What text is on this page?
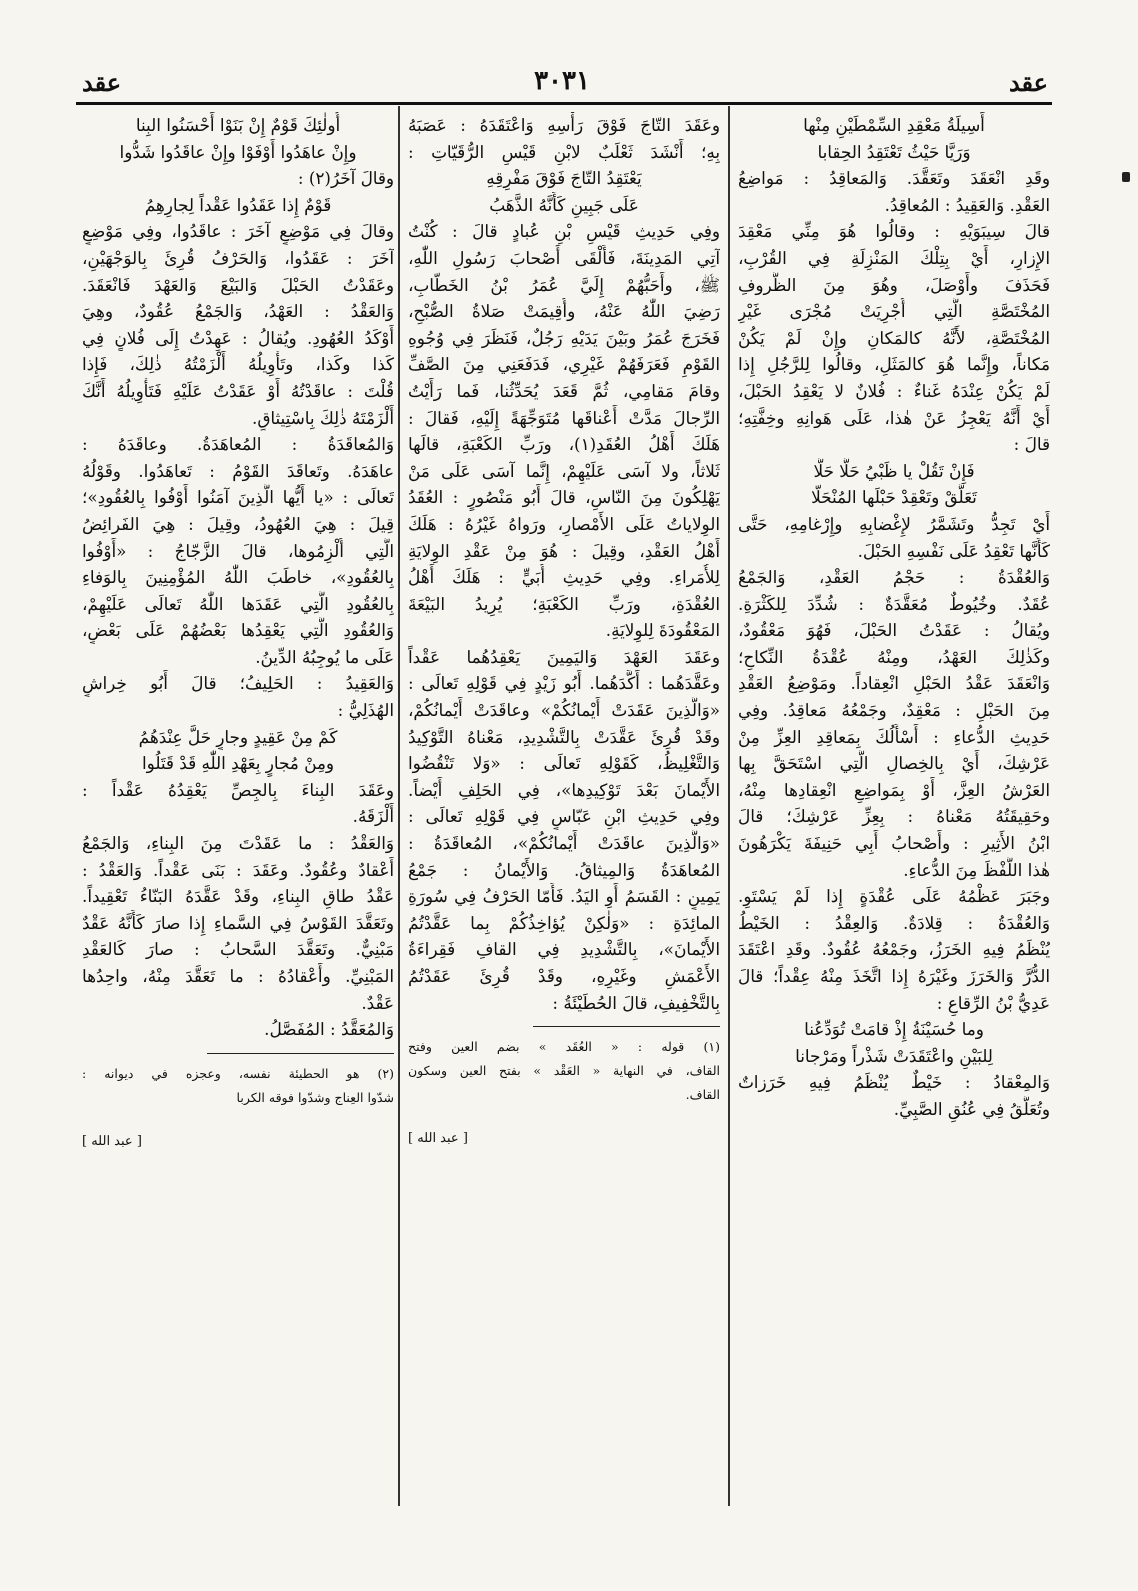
عقد	٣٠٣١	عقد
أَسِيلَةُ مَعْقِدِ السِّمْطَيْنِ مِنْها
وَرَيَّا حَيْثُ تَعْتَقِدُ الحِقابا
وقَدِ انْعَقَدَ وتَعَقَّدَ. وَالمَعاقِدُ : مَواضِعُ
العَقْدِ. وَالعَقِيدُ : المُعاقِدُ.
قالَ سِيبَوَيْهِ : وقالُوا هُوَ مِنِّي مَعْقِدَ
الإِزارِ، أَيْ بِتِلْكَ المَنْزِلَةِ فِي القُرْبِ،
فَحَذَفَ وأَوْصَلَ، وهُوَ مِنَ الظُّروفِ
المُخْتَصَّةِ الَّتِي أُجْرِيَتْ مُجْرَى غَيْرِ
المُخْتَصَّةِ، لأَنَّهُ كالمَكانِ وإِنْ لَمْ يَكُنْ
مَكاناً، وإِنَّما هُوَ كالمَثَلِ، وقالُوا لِلرَّجُلِ إِذا
لَمْ يَكُنْ عِنْدَهُ غَناءٌ : فُلانٌ لا يَعْقِدُ الحَبْلَ،
أَيْ أَنَّهُ يَعْجِزُ عَنْ هٰذا، عَلَى هَوانِهِ وخِفَّتِهِ؛
قالَ :
فَإِنْ تَقُلْ يا ظَبْيُ حَلًّا حَلًّا
تَعَلَّقْ وتَعْقِدْ حَبْلَها المُنْحَلّا
أَيْ تَجِدُّ وتَشَمَّرُ لإِغْضابِهِ وإِرْغامِهِ، حَتَّى
كَأَنَّها تَعْقِدُ عَلَى نَفْسِهِ الحَبْلَ.
وَالعُقْدَةُ : حَجْمُ العَقْدِ، وَالجَمْعُ
عُقَدٌ. وخُيُوطٌ مُعَقَّدَةٌ : شُدِّدَ لِلكَثْرَةِ.
ويُقالُ : عَقَدْتُ الحَبْلَ، فَهُوَ مَعْقُودٌ،
وكَذٰلِكَ العَهْدُ، ومِنْهُ عُقْدَةُ النِّكاحِ؛
وَانْعَقَدَ عَقْدُ الحَبْلِ انْعِقاداً. ومَوْضِعُ العَقْدِ
مِنَ الحَبْلِ : مَعْقِدٌ، وجَمْعُهُ مَعاقِدُ. وفِي
حَدِيثِ الدُّعاءِ : أَسْأَلُكَ بِمَعاقِدِ العِزِّ مِنْ
عَرْشِكَ، أَيْ بِالخِصالِ الَّتِي اسْتَحَقَّ بِها
العَرْشُ العِزَّ، أَوْ بِمَواضِعِ انْعِقادِها مِنْهُ،
وحَقِيقَتُهُ مَعْناهُ : بِعِزِّ عَرْشِكَ؛ قالَ
ابْنُ الأَثِيرِ : وأَصْحابُ أَبِي حَنِيفَةَ يَكْرَهُونَ
هٰذا اللَّفْظَ مِنَ الدُّعاءِ.
وجَبَرَ عَظْمُهُ عَلَى عُقْدَةٍ إِذا لَمْ يَسْتَوِ.
وَالعُقْدَةُ : قِلادَةٌ. وَالعِقْدُ : الخَيْطُ
يُنْظَمُ فِيهِ الخَرَزُ، وجَمْعُهُ عُقُودٌ. وقَدِ اعْتَقَدَ
الدُّرَّ وَالخَرَزَ وغَيْرَهُ إِذا اتَّخَذَ مِنْهُ عِقْداً؛ قالَ
عَدِيُّ بْنُ الرِّقاعِ :
وما حُسَيْنَةُ إِذْ قامَتْ تُوَدِّعُنا
لِلبَيْنِ واعْتَقَدَتْ شَذْراً ومَرْجانا
وَالمِعْقادُ : خَيْطٌ يُنْظَمُ فِيهِ خَرَزاتٌ
وتُعَلَّقُ فِي عُنُقِ الصَّبِيِّ.
وعَقَدَ التّاجَ فَوْقَ رَأْسِهِ وَاعْتَقَدَهُ : عَصَبَهُ
بِهِ؛ أَنْشَدَ ثَعْلَبٌ لابْنِ قَيْسِ الرُّقَيّاتِ :
يَعْتَقِدُ التّاجَ فَوْقَ مَفْرِقِهِ
عَلَى جَبِينٍ كَأَنَّهُ الذَّهَبُ
وفِي حَدِيثِ قَيْسِ بْنِ عُبادٍ قالَ : كُنْتُ
آتِي المَدِينَةَ، فَأَلْقَى أَصْحابَ رَسُولِ اللّٰهِ،
ﷺ، وأَحَبُّهُمْ إِلَيَّ عُمَرُ بْنُ الخَطّابِ،
رَضِيَ اللّٰهُ عَنْهُ، وأُقِيمَتْ صَلاةُ الصُّبْحِ،
فَخَرَجَ عُمَرُ وبَيْنَ يَدَيْهِ رَجُلٌ، فَنَظَرَ فِي وُجُوهِ
القَوْمِ فَعَرَفَهُمْ غَيْرِي، فَدَفَعَنِي مِنَ الصَّفِّ
وقامَ مَقامِي، ثُمَّ قَعَدَ يُحَدِّثُنا، فَما رَأَيْتُ
الرِّجالَ مَدَّتْ أَعْناقَها مُتَوَجِّهَةً إِلَيْهِ، فَقالَ :
هَلَكَ أَهْلُ العُقَدِ(١)، ورَبِّ الكَعْبَةِ، قالَها
ثَلاثاً، ولا آسَى عَلَيْهِمْ، إِنَّما آسَى عَلَى مَنْ
يَهْلِكُونَ مِنَ النّاسِ، قالَ أَبُو مَنْصُورٍ : العُقَدُ
الوِلاياتُ عَلَى الأَمْصارِ، ورَواهُ غَيْرُهُ : هَلَكَ
أَهْلُ العَقْدِ، وقِيلَ : هُوَ مِنْ عَقْدِ الوِلايَةِ
لِلأُمَراءِ. وفِي حَدِيثِ أُبَيٍّ : هَلَكَ أَهْلُ
العُقْدَةِ، ورَبِّ الكَعْبَةِ؛ يُرِيدُ البَيْعَةَ
المَعْقُودَةَ لِلوِلايَةِ.
وعَقَدَ العَهْدَ وَاليَمِينَ يَعْقِدُهُما عَقْداً
وعَقَّدَهُما : أَكَّدَهُما. أَبُو زَيْدٍ فِي قَوْلِهِ تَعالَى :
«وَالَّذِينَ عَقَدَتْ أَيْمانُكُمْ» وعاقَدَتْ أَيْمانُكُمْ،
وقَدْ قُرِئَ عَقَّدَتْ بِالتَّشْدِيدِ، مَعْناهُ التَّوْكِيدُ
وَالتَّغْلِيظُ، كَقَوْلِهِ تَعالَى : «وَلا تَنْقُضُوا
الأَيْمانَ بَعْدَ تَوْكِيدِها»، فِي الحَلِفِ أَيْضاً.
وفِي حَدِيثِ ابْنِ عَبّاسٍ فِي قَوْلِهِ تَعالَى :
«وَالَّذِينَ عاقَدَتْ أَيْمانُكُمْ»، المُعاقَدَةُ :
المُعاهَدَةُ وَالمِيثاقُ. وَالأَيْمانُ : جَمْعُ
يَمِينٍ : القَسَمُ أَوِ اليَدُ. فَأَمّا الحَرْفُ فِي سُورَةِ
المائِدَةِ : «وَلٰكِنْ يُؤاخِذُكُمْ بِما عَقَّدْتُمُ
الأَيْمانَ»، بِالتَّشْدِيدِ فِي القافِ فَقِراءَةُ
الأَعْمَشِ وغَيْرِهِ، وقَدْ قُرِئَ عَقَدْتُمُ
بِالتَّخْفِيفِ، قالَ الحُطَيْئَةُ :
(١) قوله : « العُقَد » بضم العين وفتح
القاف، في النهاية « العَقْد » بفتح العين وسكون
القاف.
[ عبد الله ]
أُولٰئِكَ قَوْمٌ إِنْ بَنَوْا أَحْسَنُوا البِنا
وإِنْ عاهَدُوا أَوْفَوْا وإِنْ عاقَدُوا شَدُّوا
وقالَ آخَرُ(٢) :
قَوْمٌ إِذا عَقَدُوا عَقْداً لِجارِهِمُ
وقالَ فِي مَوْضِعٍ آخَرَ : عاقَدُوا، وفِي مَوْضِعٍ
آخَرَ : عَقَدُوا، وَالحَرْفُ قُرِئَ بِالوَجْهَيْنِ،
وعَقَدْتُ الحَبْلَ وَالبَيْعَ وَالعَهْدَ فَانْعَقَدَ.
وَالعَقْدُ : العَهْدُ، وَالجَمْعُ عُقُودٌ، وهِيَ
أَوْكَدُ العُهُودِ. ويُقالُ : عَهِدْتُ إِلَى فُلانٍ فِي
كَذا وكَذا، وتَأْوِيلُهُ أَلْزَمْتُهُ ذٰلِكَ، فَإِذا
قُلْتَ : عاقَدْتُهُ أَوْ عَقَدْتُ عَلَيْهِ فَتَأْوِيلُهُ أَنَّكَ
أَلْزَمْتَهُ ذٰلِكَ بِاسْتِيثاقٍ.
وَالمُعاقَدَةُ : المُعاهَدَةُ. وعاقَدَهُ :
عاهَدَهُ. وتَعاقَدَ القَوْمُ : تَعاهَدُوا. وقَوْلُهُ
تَعالَى : «يا أَيُّها الَّذِينَ آمَنُوا أَوْفُوا بِالعُقُودِ»؛
قِيلَ : هِيَ العُهُودُ، وقِيلَ : هِيَ الفَرائِضُ
الَّتِي أُلْزِمُوها، قالَ الزَّجّاجُ : «أَوْفُوا
بِالعُقُودِ»، خاطَبَ اللّٰهُ المُؤْمِنِينَ بِالوَفاءِ
بِالعُقُودِ الَّتِي عَقَدَها اللّٰهُ تَعالَى عَلَيْهِمْ،
وَالعُقُودِ الَّتِي يَعْقِدُها بَعْضُهُمْ عَلَى بَعْضٍ،
عَلَى ما يُوجِبُهُ الدِّينُ.
وَالعَقِيدُ : الحَلِيفُ؛ قالَ أَبُو خِراشٍ
الهُذَلِيُّ :
كَمْ مِنْ عَقِيدٍ وجارٍ حَلَّ عِنْدَهُمُ
ومِنْ مُجارٍ بِعَهْدِ اللّٰهِ قَدْ قَتَلُوا
وعَقَدَ البِناءَ بِالجِصِّ يَعْقِدُهُ عَقْداً :
أَلْزَقَهُ.
وَالعَقْدُ : ما عَقَدْتَ مِنَ البِناءِ، وَالجَمْعُ
أَعْقادٌ وعُقُودٌ. وعَقَدَ : بَنَى عَقْداً. وَالعَقْدُ :
عَقْدُ طاقِ البِناءِ، وقَدْ عَقَّدَهُ البَنّاءُ تَعْقِيداً.
وتَعَقَّدَ القَوْسُ فِي السَّماءِ إِذا صارَ كَأَنَّهُ عَقْدٌ
مَبْنِيٌّ. وتَعَقَّدَ السَّحابُ : صارَ كَالعَقْدِ
المَبْنِيِّ. وأَعْقادُهُ : ما تَعَقَّدَ مِنْهُ، واحِدُها
عَقْدٌ.
وَالمُعَقَّدُ : المُفَصَّلُ.
(٢) هو الحطيئة نفسه، وعجزه في ديوانه :
شدّوا العِناج وشدّوا فوقه الكربا
[ عبد الله ]
